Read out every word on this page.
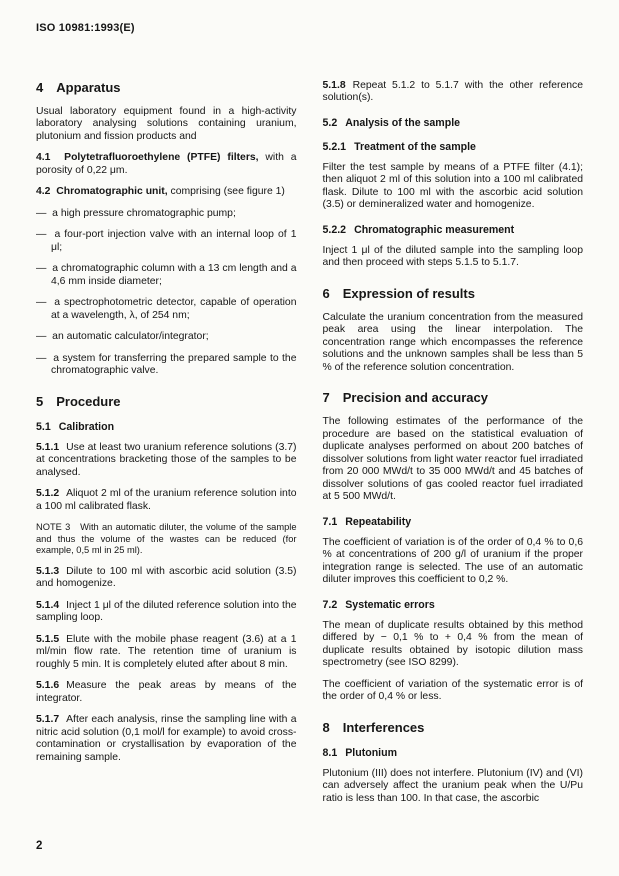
ISO 10981:1993(E)
4 Apparatus

Usual laboratory equipment found in a high-activity laboratory analysing solutions containing uranium, plutonium and fission products and

4.1  Polytetrafluoroethylene (PTFE) filters, with a porosity of 0,22 μm.

4.2  Chromatographic unit, comprising (see figure 1)

—  a high pressure chromatographic pump;

—  a four-port injection valve with an internal loop of 1 μl;

—  a chromatographic column with a 13 cm length and a 4,6 mm inside diameter;

—  a spectrophotometric detector, capable of operation at a wavelength, λ, of 254 nm;

—  an automatic calculator/integrator;

—  a system for transferring the prepared sample to the chromatographic valve.

5 Procedure
5.1 Calibration

5.1.1 Use at least two uranium reference solutions (3.7) at concentrations bracketing those of the samples to be analysed.

5.1.2 Aliquot 2 ml of the uranium reference solution into a 100 ml calibrated flask.

NOTE 3   With an automatic diluter, the volume of the sample and thus the volume of the wastes can be reduced (for example, 0,5 ml in 25 ml).

5.1.3 Dilute to 100 ml with ascorbic acid solution (3.5) and homogenize.

5.1.4 Inject 1 μl of the diluted reference solution into the sampling loop.

5.1.5 Elute with the mobile phase reagent (3.6) at a 1 ml/min flow rate. The retention time of uranium is roughly 5 min. It is completely eluted after about 8 min.

5.1.6 Measure the peak areas by means of the integrator.

5.1.7 After each analysis, rinse the sampling line with a nitric acid solution (0,1 mol/l for example) to avoid cross-contamination or crystallisation by evaporation of the remaining sample.

5.1.8 Repeat 5.1.2 to 5.1.7 with the other reference solution(s).

5.2 Analysis of the sample
5.2.1 Treatment of the sample

Filter the test sample by means of a PTFE filter (4.1); then aliquot 2 ml of this solution into a 100 ml calibrated flask. Dilute to 100 ml with the ascorbic acid solution (3.5) or demineralized water and homogenize.

5.2.2 Chromatographic measurement

Inject 1 μl of the diluted sample into the sampling loop and then proceed with steps 5.1.5 to 5.1.7.

6 Expression of results

Calculate the uranium concentration from the measured peak area using the linear interpolation. The concentration range which encompasses the reference solutions and the unknown samples shall be less than 5 % of the reference solution concentration.

7 Precision and accuracy

The following estimates of the performance of the procedure are based on the statistical evaluation of duplicate analyses performed on about 200 batches of dissolver solutions from light water reactor fuel irradiated from 20 000 MWd/t to 35 000 MWd/t and 45 batches of dissolver solutions of gas cooled reactor fuel irradiated at 5 500 MWd/t.

7.1 Repeatability

The coefficient of variation is of the order of 0,4 % to 0,6 % at concentrations of 200 g/l of uranium if the proper integration range is selected. The use of an automatic diluter improves this coefficient to 0,2 %.

7.2 Systematic errors

The mean of duplicate results obtained by this method differed by − 0,1 % to + 0,4 % from the mean of duplicate results obtained by isotopic dilution mass spectrometry (see ISO 8299).

The coefficient of variation of the systematic error is of the order of 0,4 % or less.

8 Interferences
8.1 Plutonium

Plutonium (III) does not interfere. Plutonium (IV) and (VI) can adversely affect the uranium peak when the U/Pu ratio is less than 100. In that case, the ascorbic

2
